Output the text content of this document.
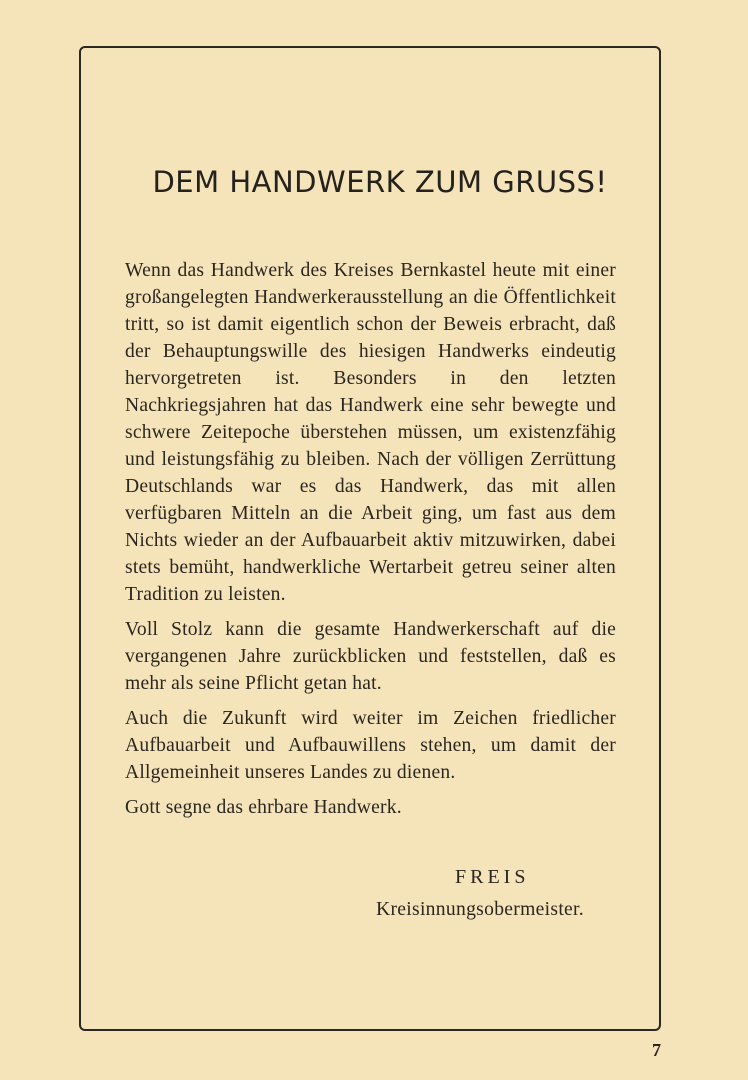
DEM HANDWERK ZUM GRUSS!

Wenn das Handwerk des Kreises Bernkastel heute mit einer großangelegten Handwerkerausstellung an die Öffentlichkeit tritt, so ist damit eigentlich schon der Beweis erbracht, daß der Behauptungswille des hiesigen Handwerks eindeutig hervorgetreten ist. Besonders in den letzten Nachkriegsjahren hat das Handwerk eine sehr bewegte und schwere Zeitepoche überstehen müssen, um existenzfähig und leistungsfähig zu bleiben. Nach der völligen Zerrüttung Deutschlands war es das Handwerk, das mit allen verfügbaren Mitteln an die Arbeit ging, um fast aus dem Nichts wieder an der Aufbauarbeit aktiv mitzuwirken, dabei stets bemüht, handwerkliche Wertarbeit getreu seiner alten Tradition zu leisten.

Voll Stolz kann die gesamte Handwerkerschaft auf die vergangenen Jahre zurückblicken und feststellen, daß es mehr als seine Pflicht getan hat.

Auch die Zukunft wird weiter im Zeichen friedlicher Aufbauarbeit und Aufbauwillens stehen, um damit der Allgemeinheit unseres Landes zu dienen.

Gott segne das ehrbare Handwerk.

FREIS
Kreisinnungsobermeister.
7
